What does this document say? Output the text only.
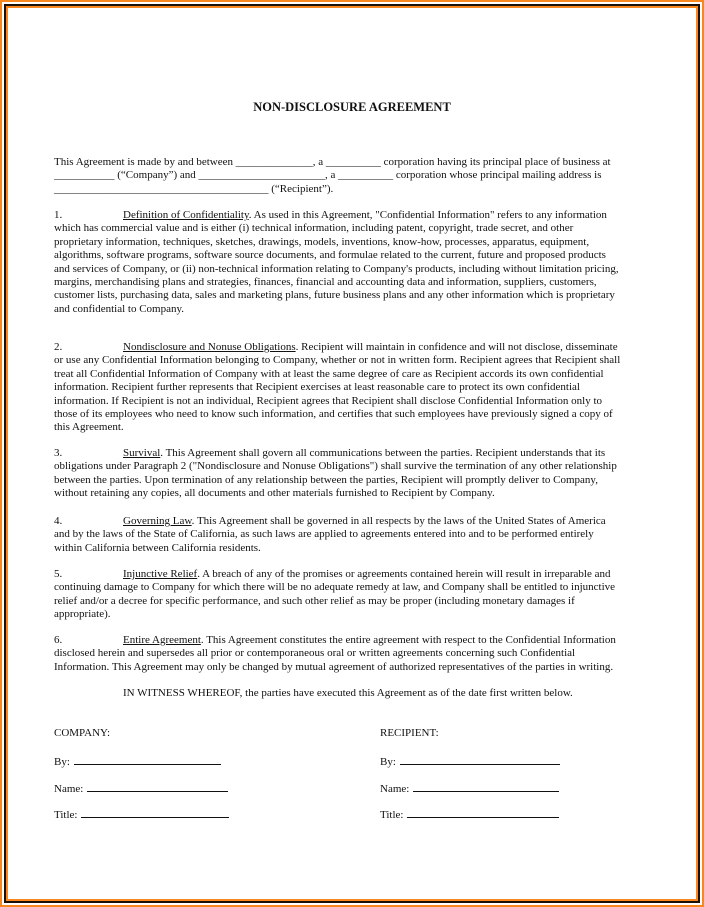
NON-DISCLOSURE AGREEMENT
This Agreement is made by and between ______________, a __________ corporation having its principal place of business at
___________ (“Company”) and _______________________, a __________ corporation whose principal mailing address is
_______________________________________ (“Recipient”).
1.	Definition of Confidentiality. As used in this Agreement, "Confidential Information" refers to any information
which has commercial value and is either (i) technical information, including patent, copyright, trade secret, and other
proprietary information, techniques, sketches, drawings, models, inventions, know-how, processes, apparatus, equipment,
algorithms, software programs, software source documents, and formulae related to the current, future and proposed products
and services of Company, or (ii) non-technical information relating to Company's products, including without limitation pricing,
margins, merchandising plans and strategies, finances, financial and accounting data and information, suppliers, customers,
customer lists, purchasing data, sales and marketing plans, future business plans and any other information which is proprietary
and confidential to Company.
2.	Nondisclosure and Nonuse Obligations. Recipient will maintain in confidence and will not disclose, disseminate
or use any Confidential Information belonging to Company, whether or not in written form. Recipient agrees that Recipient shall
treat all Confidential Information of Company with at least the same degree of care as Recipient accords its own confidential
information. Recipient further represents that Recipient exercises at least reasonable care to protect its own confidential
information. If Recipient is not an individual, Recipient agrees that Recipient shall disclose Confidential Information only to
those of its employees who need to know such information, and certifies that such employees have previously signed a copy of
this Agreement.
3.	Survival. This Agreement shall govern all communications between the parties. Recipient understands that its
obligations under Paragraph 2 ("Nondisclosure and Nonuse Obligations") shall survive the termination of any other relationship
between the parties. Upon termination of any relationship between the parties, Recipient will promptly deliver to Company,
without retaining any copies, all documents and other materials furnished to Recipient by Company.
4.	Governing Law. This Agreement shall be governed in all respects by the laws of the United States of America
and by the laws of the State of California, as such laws are applied to agreements entered into and to be performed entirely
within California between California residents.
5.	Injunctive Relief. A breach of any of the promises or agreements contained herein will result in irreparable and
continuing damage to Company for which there will be no adequate remedy at law, and Company shall be entitled to injunctive
relief and/or a decree for specific performance, and such other relief as may be proper (including monetary damages if
appropriate).
6.	Entire Agreement. This Agreement constitutes the entire agreement with respect to the Confidential Information
disclosed herein and supersedes all prior or contemporaneous oral or written agreements concerning such Confidential
Information. This Agreement may only be changed by mutual agreement of authorized representatives of the parties in writing.
IN WITNESS WHEREOF, the parties have executed this Agreement as of the date first written below.
COMPANY:
By:
Name:
Title:
RECIPIENT:
By:
Name:
Title:
